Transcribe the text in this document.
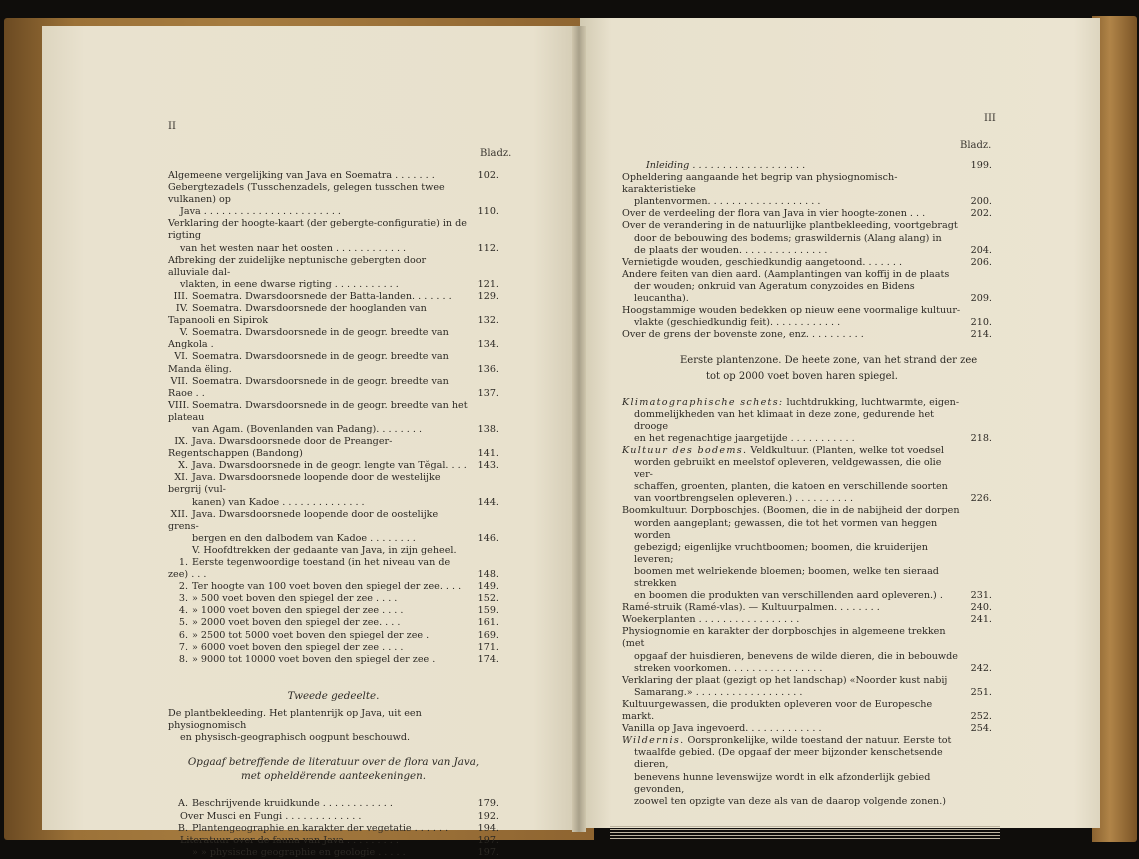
II
Bladz.
Algemeene vergelijking van Java en Soematra . . . . . . .	102.
Gebergtezadels (Tusschenzadels, gelegen tusschen twee vulkanen) op
Java . . . . . . . . . . . . . . . . . . . . . . .	110.
Verklaring der hoogte-kaart (der gebergte-configuratie) in de rigting
van het westen naar het oosten . . . . . . . . . . . .	112.
Afbreking der zuidelijke neptunische gebergten door alluviale dal-
vlakten, in eene dwarse rigting . . . . . . . . . . .	121.
III. Soematra. Dwarsdoorsnede der Batta-landen. . . . . . .	129.
IV. Soematra. Dwarsdoorsnede der hooglanden van Tapanooli en Sipirok	132.
V. Soematra. Dwarsdoorsnede in de geogr. breedte van Angkola .	134.
VI. Soematra. Dwarsdoorsnede in de geogr. breedte van Manda ëling.	136.
VII. Soematra. Dwarsdoorsnede in de geogr. breedte van Raoe . .	137.
VIII. Soematra. Dwarsdoorsnede in de geogr. breedte van het plateau
van Agam. (Bovenlanden van Padang). . . . . . . .	138.
IX. Java. Dwarsdoorsnede door de Preanger-Regentschappen (Bandong)	141.
X. Java. Dwarsdoorsnede in de geogr. lengte van Tĕgal. . . . 143.
XI. Java. Dwarsdoorsnede loopende door de westelijke bergrij (vul-
kanen) van Kadoe . . . . . . . . . . . . . .	144.
XII. Java. Dwarsdoorsnede loopende door de oostelijke grens-
bergen en den dalbodem van Kadoe . . . . . . . .	146.
V. Hoofdtrekken der gedaante van Java, in zijn geheel.
1. Eerste tegenwoordige toestand (in het niveau van de zee) . . .	148.
2. Ter hoogte van 100 voet boven den spiegel der zee. . . . 149.
3. » 500 voet boven den spiegel der zee . . . .	152.
4. » 1000 voet boven den spiegel der zee . . . .	159.
5. » 2000 voet boven den spiegel der zee. . . .	161.
6. » 2500 tot 5000 voet boven den spiegel der zee .	169.
7. » 6000 voet boven den spiegel der zee . . . .	171.
8. » 9000 tot 10000 voet boven den spiegel der zee .	174.
Tweede gedeelte.
De plantbekleeding. Het plantenrijk op Java, uit een physiognomisch
en physisch-geographisch oogpunt beschouwd.
Opgaaf betreffende de literatuur over de flora van Java,
met opheldërende aanteekeningen.
A. Beschrijvende kruidkunde . . . . . . . . . . . .	179.
Over Musci en Fungi . . . . . . . . . . . . .	192.
B. Plantengeographie en karakter der vegetatie . . . . . .	194.
Literatuur over de fauna van Java . . . . . . . . .	197.
» » physische geographie en geologie . . . . .	197.
III
Bladz.
Inleiding . . . . . . . . . . . . . . . . . . .	199.
Opheldering aangaande het begrip van physiognomisch-karakteristieke
plantenvormen. . . . . . . . . . . . . . . . . . .	200.
Over de verdeeling der flora van Java in vier hoogte-zonen . . .	202.
Over de verandering in de natuurlijke plantbekleeding, voortgebragt
door de bebouwing des bodems; graswildernis (Alang alang) in
de plaats der wouden. . . . . . . . . . . . . . .	204.
Vernietigde wouden, geschiedkundig aangetoond. . . . . . .	206.
Andere feiten van dien aard. (Aamplantingen van koffij in de plaats
der wouden; onkruid van Ageratum conyzoides en Bidens leucantha).	209.
Hoogstammige wouden bedekken op nieuw eene voormalige kultuur-
vlakte (geschiedkundig feit). . . . . . . . . . . .	210.
Over de grens der bovenste zone, enz. . . . . . . . . .	214.
Eerste plantenzone. De heete zone, van het strand der zee
tot op 2000 voet boven haren spiegel.
Klimatographische schets: luchtdrukking, luchtwarmte, eigen-
dommelijkheden van het klimaat in deze zone, gedurende het drooge
en het regenachtige jaargetijde . . . . . . . . . . .	218.
Kultuur des bodems. Veldkultuur. (Planten, welke tot voedsel
worden gebruikt en meelstof opleveren, veldgewassen, die olie ver-
schaffen, groenten, planten, die katoen en verschillende soorten
van voortbrengselen opleveren.) . . . . . . . . . .	226.
Boomkultuur. Dorpboschjes. (Boomen, die in de nabijheid der dorpen
worden aangeplant; gewassen, die tot het vormen van heggen worden
gebezigd; eigenlijke vruchtboomen; boomen, die kruiderijen leveren;
boomen met welriekende bloemen; boomen, welke ten sieraad strekken
en boomen die produkten van verschillenden aard opleveren.) .	231.
Ramé-struik (Ramé-vlas). — Kultuurpalmen. . . . . . . .	240.
Woekerplanten . . . . . . . . . . . . . . . . .	241.
Physiognomie en karakter der dorpboschjes in algemeene trekken (met
opgaaf der huisdieren, benevens de wilde dieren, die in bebouwde
streken voorkomen. . . . . . . . . . . . . . . .	242.
Verklaring der plaat (gezigt op het landschap) «Noorder kust nabij
Samarang.» . . . . . . . . . . . . . . . . . .	251.
Kultuurgewassen, die produkten opleveren voor de Europesche markt.	252.
Vanilla op Java ingevoerd. . . . . . . . . . . . .	254.
Wildernis. Oorspronkelijke, wilde toestand der natuur. Eerste tot
twaalfde gebied. (De opgaaf der meer bijzonder kenschetsende dieren,
benevens hunne levenswijze wordt in elk afzonderlijk gebied gevonden,
zoowel ten opzigte van deze als van de daarop volgende zonen.)
